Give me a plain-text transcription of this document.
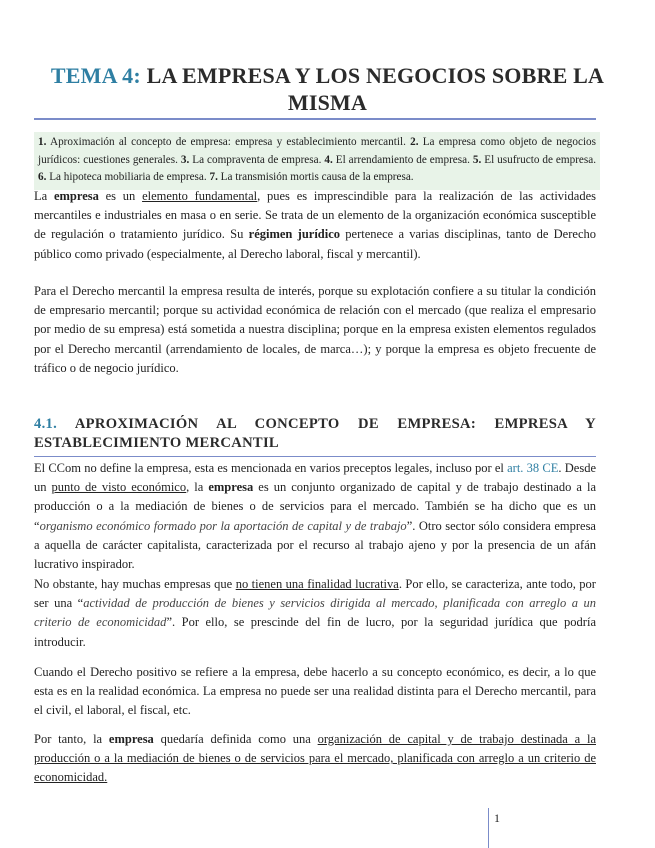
TEMA 4: LA EMPRESA Y LOS NEGOCIOS SOBRE LA MISMA
1. Aproximación al concepto de empresa: empresa y establecimiento mercantil. 2. La empresa como objeto de negocios jurídicos: cuestiones generales. 3. La compraventa de empresa. 4. El arrendamiento de empresa. 5. El usufructo de empresa. 6. La hipoteca mobiliaria de empresa. 7. La transmisión mortis causa de la empresa.

La empresa es un elemento fundamental, pues es imprescindible para la realización de las actividades mercantiles e industriales en masa o en serie. Se trata de un elemento de la organización económica susceptible de regulación o tratamiento jurídico. Su régimen jurídico pertenece a varias disciplinas, tanto de Derecho público como privado (especialmente, al Derecho laboral, fiscal y mercantil).

Para el Derecho mercantil la empresa resulta de interés, porque su explotación confiere a su titular la condición de empresario mercantil; porque su actividad económica de relación con el mercado (que realiza el empresario por medio de su empresa) está sometida a nuestra disciplina; porque en la empresa existen elementos regulados por el Derecho mercantil (arrendamiento de locales, de marca…); y porque la empresa es objeto frecuente de tráfico o de negocio jurídico.

4.1. APROXIMACIÓN AL CONCEPTO DE EMPRESA: EMPRESA Y ESTABLECIMIENTO MERCANTIL

El CCom no define la empresa, esta es mencionada en varios preceptos legales, incluso por el art. 38 CE. Desde un punto de visto económico, la empresa es un conjunto organizado de capital y de trabajo destinado a la producción o a la mediación de bienes o de servicios para el mercado. También se ha dicho que es un “organismo económico formado por la aportación de capital y de trabajo”. Otro sector sólo considera empresa a aquella de carácter capitalista, caracterizada por el recurso al trabajo ajeno y por la presencia de un afán lucrativo inspirador.

No obstante, hay muchas empresas que no tienen una finalidad lucrativa. Por ello, se caracteriza, ante todo, por ser una “actividad de producción de bienes y servicios dirigida al mercado, planificada con arreglo a un criterio de economicidad”. Por ello, se prescinde del fin de lucro, por la seguridad jurídica que podría introducir.

Cuando el Derecho positivo se refiere a la empresa, debe hacerlo a su concepto económico, es decir, a lo que esta es en la realidad económica. La empresa no puede ser una realidad distinta para el Derecho mercantil, para el civil, el laboral, el fiscal, etc.

Por tanto, la empresa quedaría definida como una organización de capital y de trabajo destinada a la producción o a la mediación de bienes o de servicios para el mercado, planificada con arreglo a un criterio de economicidad.

1
